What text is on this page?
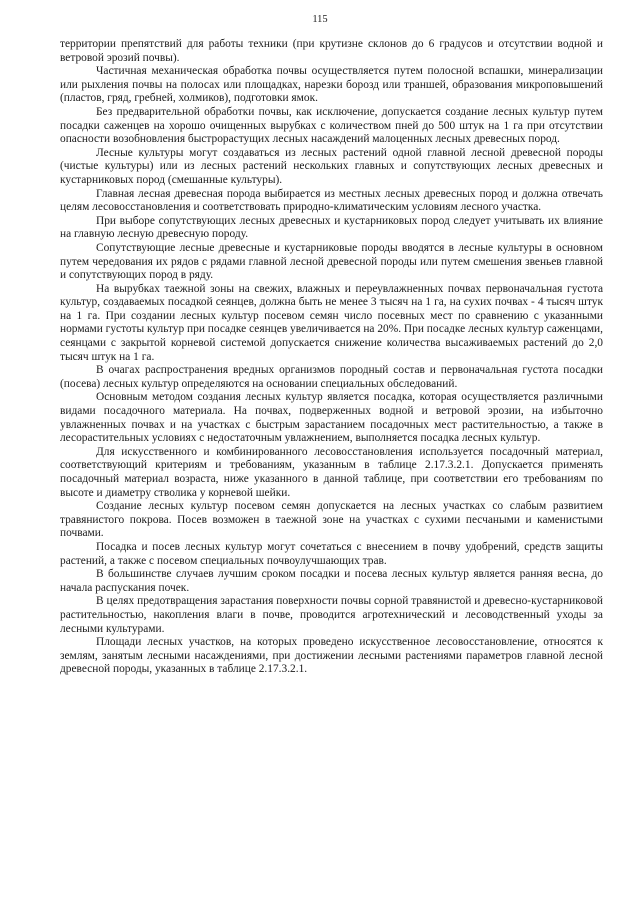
115

территории препятствий для работы техники (при крутизне склонов до 6 градусов и отсутствии водной и ветровой эрозий почвы).

Частичная механическая обработка почвы осуществляется путем полосной вспашки, минерализации или рыхления почвы на полосах или площадках, нарезки борозд или траншей, образования микроповышений (пластов, гряд, гребней, холмиков), подготовки ямок.

Без предварительной обработки почвы, как исключение, допускается создание лесных культур путем посадки саженцев на хорошо очищенных вырубках с количеством пней до 500 штук на 1 га при отсутствии опасности возобновления быстрорастущих лесных насаждений малоценных лесных древесных пород.

Лесные культуры могут создаваться из лесных растений одной главной лесной древесной породы (чистые культуры) или из лесных растений нескольких главных и сопутствующих лесных древесных и кустарниковых пород (смешанные культуры).

Главная лесная древесная порода выбирается из местных лесных древесных пород и должна отвечать целям лесовосстановления и соответствовать природно-климатическим условиям лесного участка.

При выборе сопутствующих лесных древесных и кустарниковых пород следует учитывать их влияние на главную лесную древесную породу.

Сопутствующие лесные древесные и кустарниковые породы вводятся в лесные культуры в основном путем чередования их рядов с рядами главной лесной древесной породы или путем смешения звеньев главной и сопутствующих пород в ряду.

На вырубках таежной зоны на свежих, влажных и переувлажненных почвах первоначальная густота культур, создаваемых посадкой сеянцев, должна быть не менее 3 тысяч на 1 га, на сухих почвах - 4 тысяч штук на 1 га. При создании лесных культур посевом семян число посевных мест по сравнению с указанными нормами густоты культур при посадке сеянцев увеличивается на 20%. При посадке лесных культур саженцами, сеянцами с закрытой корневой системой допускается снижение количества высаживаемых растений до 2,0 тысяч штук на 1 га.

В очагах распространения вредных организмов породный состав и первоначальная густота посадки (посева) лесных культур определяются на основании специальных обследований.

Основным методом создания лесных культур является посадка, которая осуществляется различными видами посадочного материала. На почвах, подверженных водной и ветровой эрозии, на избыточно увлажненных почвах и на участках с быстрым зарастанием посадочных мест растительностью, а также в лесорастительных условиях с недостаточным увлажнением, выполняется посадка лесных культур.

Для искусственного и комбинированного лесовосстановления используется посадочный материал, соответствующий критериям и требованиям, указанным в таблице 2.17.3.2.1. Допускается применять посадочный материал возраста, ниже указанного в данной таблице, при соответствии его требованиям по высоте и диаметру стволика у корневой шейки.

Создание лесных культур посевом семян допускается на лесных участках со слабым развитием травянистого покрова. Посев возможен в таежной зоне на участках с сухими песчаными и каменистыми почвами.

Посадка и посев лесных культур могут сочетаться с внесением в почву удобрений, средств защиты растений, а также с посевом специальных почвоулучшающих трав.

В большинстве случаев лучшим сроком посадки и посева лесных культур является ранняя весна, до начала распускания почек.

В целях предотвращения зарастания поверхности почвы сорной травянистой и древесно-кустарниковой растительностью, накопления влаги в почве, проводится агротехнический и лесоводственный уходы за лесными культурами.

Площади лесных участков, на которых проведено искусственное лесовосстановление, относятся к землям, занятым лесными насаждениями, при достижении лесными растениями параметров главной лесной древесной породы, указанных в таблице 2.17.3.2.1.
